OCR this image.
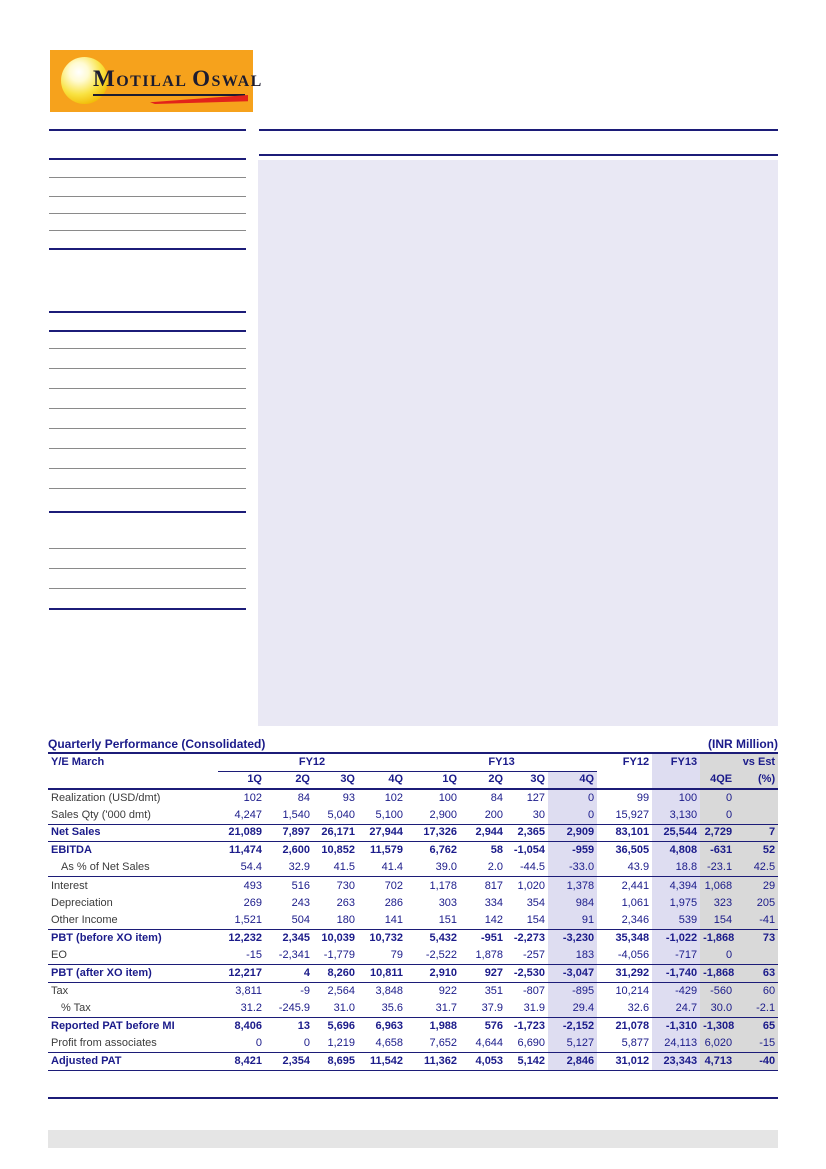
MOTILAL OSWAL
Quarterly Performance (Consolidated)	(INR Million)
Y/E March	FY12				FY13				FY12	FY13	vs Est	
	1Q	2Q	3Q	4Q	1Q	2Q	3Q	4Q			4QE	(%)
Realization (USD/dmt)	102	84	93	102	100	84	127	0	99	100	0	
Sales Qty ('000 dmt)	4,247	1,540	5,040	5,100	2,900	200	30	0	15,927	3,130	0	
Net Sales	21,089	7,897	26,171	27,944	17,326	2,944	2,365	2,909	83,101	25,544	2,729	7
EBITDA	11,474	2,600	10,852	11,579	6,762	58	-1,054	-959	36,505	4,808	-631	52
As % of Net Sales	54.4	32.9	41.5	41.4	39.0	2.0	-44.5	-33.0	43.9	18.8	-23.1	42.5
Interest	493	516	730	702	1,178	817	1,020	1,378	2,441	4,394	1,068	29
Depreciation	269	243	263	286	303	334	354	984	1,061	1,975	323	205
Other Income	1,521	504	180	141	151	142	154	91	2,346	539	154	-41
PBT (before XO item)	12,232	2,345	10,039	10,732	5,432	-951	-2,273	-3,230	35,348	-1,022	-1,868	73
EO	-15	-2,341	-1,779	79	-2,522	1,878	-257	183	-4,056	-717	0	
PBT (after XO item)	12,217	4	8,260	10,811	2,910	927	-2,530	-3,047	31,292	-1,740	-1,868	63
Tax	3,811	-9	2,564	3,848	922	351	-807	-895	10,214	-429	-560	60
% Tax	31.2	-245.9	31.0	35.6	31.7	37.9	31.9	29.4	32.6	24.7	30.0	-2.1
Reported PAT before MI	8,406	13	5,696	6,963	1,988	576	-1,723	-2,152	21,078	-1,310	-1,308	65
Profit from associates	0	0	1,219	4,658	7,652	4,644	6,690	5,127	5,877	24,113	6,020	-15
Adjusted PAT	8,421	2,354	8,695	11,542	11,362	4,053	5,142	2,846	31,012	23,343	4,713	-40
